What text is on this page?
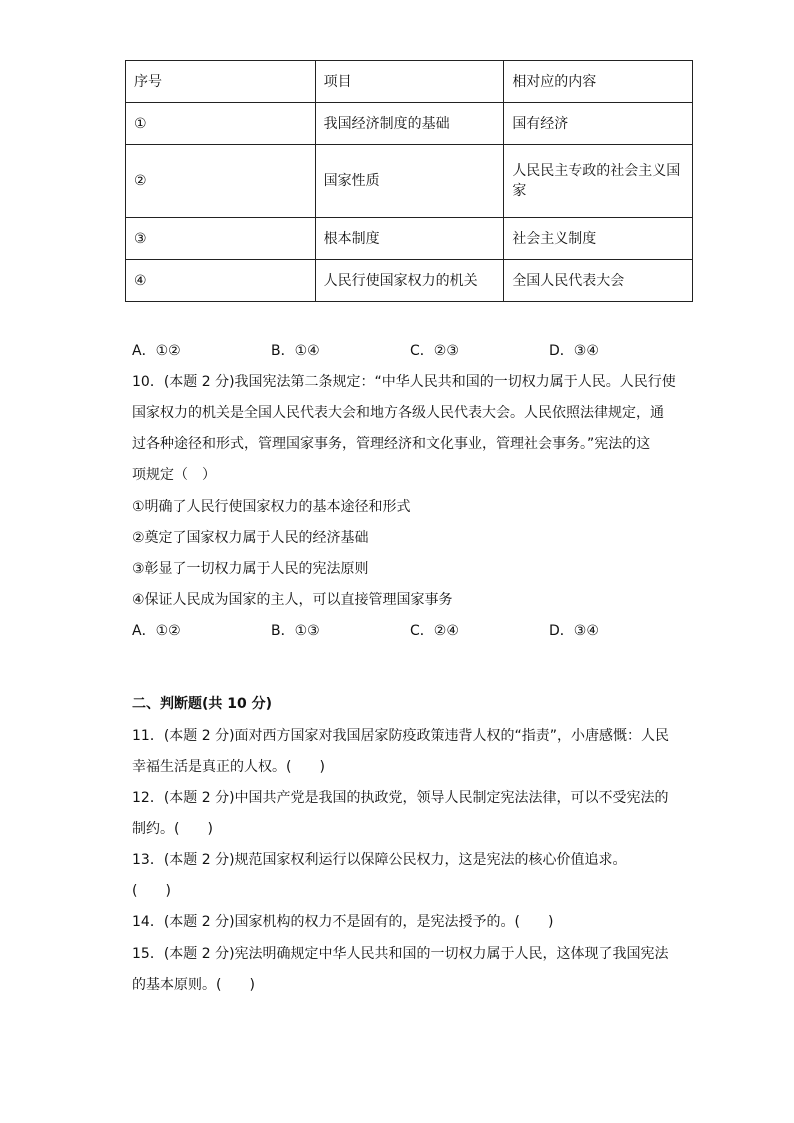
序号	项目	相对应的内容
①	我国经济制度的基础	国有经济
②	国家性质	人民民主专政的社会主义国家
③	根本制度	社会主义制度
④	人民行使国家权力的机关	全国人民代表大会
A．①②	B．①④	C．②③	D．③④
10．(本题 2 分)我国宪法第二条规定：“中华人民共和国的一切权力属于人民。人民行使
国家权力的机关是全国人民代表大会和地方各级人民代表大会。人民依照法律规定，通
过各种途径和形式，管理国家事务，管理经济和文化事业，管理社会事务。”宪法的这
项规定（　）
①明确了人民行使国家权力的基本途径和形式
②奠定了国家权力属于人民的经济基础
③彰显了一切权力属于人民的宪法原则
④保证人民成为国家的主人，可以直接管理国家事务
A．①②	B．①③	C．②④	D．③④
二、判断题(共 10 分)
11．(本题 2 分)面对西方国家对我国居家防疫政策违背人权的“指责”，小唐感慨：人民
幸福生活是真正的人权。(　　)
12．(本题 2 分)中国共产党是我国的执政党，领导人民制定宪法法律，可以不受宪法的
制约。(　　)
13．(本题 2 分)规范国家权利运行以保障公民权力，这是宪法的核心价值追求。
(　　)
14．(本题 2 分)国家机构的权力不是固有的，是宪法授予的。(　　)
15．(本题 2 分)宪法明确规定中华人民共和国的一切权力属于人民，这体现了我国宪法
的基本原则。(　　)
